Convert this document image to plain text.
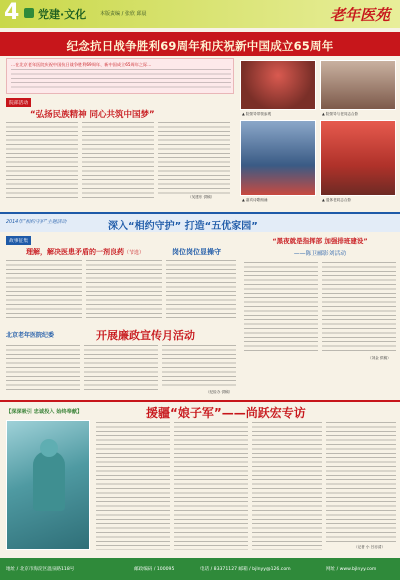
4 党建·文化	本版责编 / 张欣 邱晨	老年医苑
纪念抗日战争胜利69周年和庆祝新中国成立65周年
…在北京老年医院庆祝中国抗日战争胜利69周年、新中国成立65周年之际…
院部活动
“弘扬民族精神 同心共筑中国梦”
（吴建东 供稿）
▲ 院领导带领参观	▲ 院领导与老同志合影
▲ 嘉宾诗歌朗诵	▲ 退休老同志合影
2014年“相约守护”主题活动	深入“相约守护” 打造“五优家园”
故事征集
理解，解决医患矛盾的一剂良药（节选）	岗位岗位显操守
“黑夜就是指挥部 加强排班建设”
——陈卫郦影刘活动
（刘金 供稿）
北京老年医院纪委	开展廉政宣传月活动
（纪检办 供稿）
【深深吸引 忠诚投入 始终奉献】	援疆“娘子军”——尚跃宏专访
（记者 小 吕亦清）
地址 / 北京市海淀区温泉路118号	邮政编码 / 100095	电话 / 83371127 邮箱 / bjlnyy@126.com	网址 / www.bjlnyy.com
